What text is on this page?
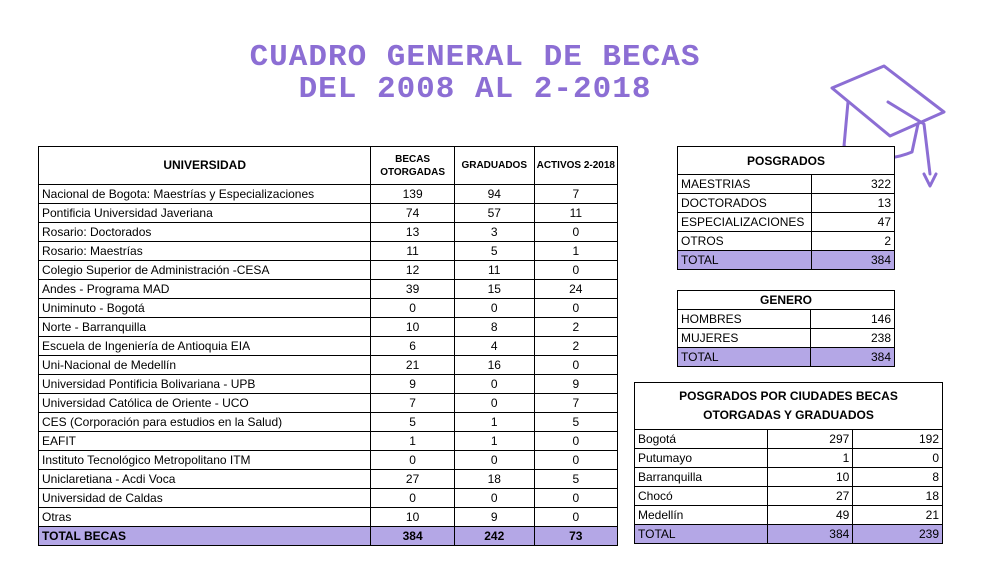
CUADRO GENERAL DE BECAS
DEL 2008 AL 2-2018
UNIVERSIDAD	BECAS OTORGADAS	GRADUADOS	ACTIVOS 2-2018
Nacional de Bogota: Maestrías y Especializaciones	139	94	7
Pontificia Universidad Javeriana	74	57	11
Rosario: Doctorados	13	3	0
Rosario: Maestrías	11	5	1
Colegio Superior de Administración -CESA	12	11	0
Andes - Programa MAD	39	15	24
Uniminuto - Bogotá	0	0	0
Norte - Barranquilla	10	8	2
Escuela de Ingeniería de Antioquia EIA	6	4	2
Uni-Nacional de Medellín	21	16	0
Universidad Pontificia Bolivariana - UPB	9	0	9
Universidad Católica de Oriente - UCO	7	0	7
CES (Corporación para estudios en la Salud)	5	1	5
EAFIT	1	1	0
Instituto Tecnológico Metropolitano ITM	0	0	0
Uniclaretiana - Acdi Voca	27	18	5
Universidad de Caldas	0	0	0
Otras	10	9	0
TOTAL BECAS	384	242	73
POSGRADOS	
MAESTRIAS	322
DOCTORADOS	13
ESPECIALIZACIONES	47
OTROS	2
TOTAL	384
GENERO	
HOMBRES	146
MUJERES	238
TOTAL	384
POSGRADOS POR CIUDADES BECAS OTORGADAS Y GRADUADOS		
Bogotá	297	192
Putumayo	1	0
Barranquilla	10	8
Chocó	27	18
Medellín	49	21
TOTAL	384	239
